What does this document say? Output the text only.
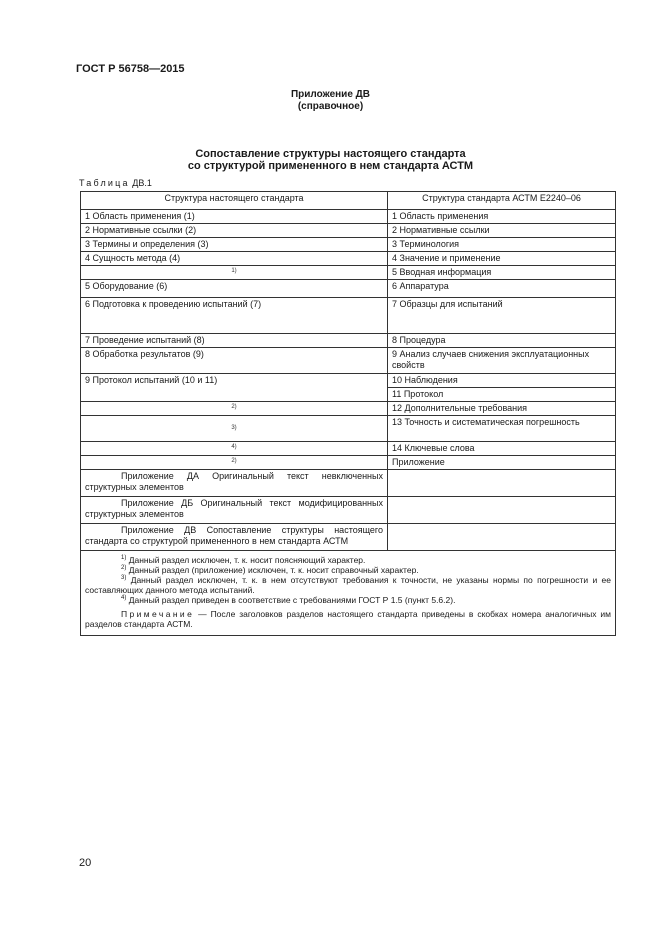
ГОСТ Р 56758—2015
Приложение ДВ
(справочное)
Сопоставление структуры настоящего стандарта
со структурой примененного в нем стандарта АСТМ
Таблица ДВ.1
Структура настоящего стандарта	Структура стандарта АСТМ Е2240–06
1 Область применения (1)	1 Область применения
2 Нормативные ссылки (2)	2 Нормативные ссылки
3 Термины и определения (3)	3 Терминология
4 Сущность метода (4)	4 Значение и применение
1)	5 Вводная информация
5 Оборудование (6)	6 Аппаратура
6 Подготовка к проведению испытаний (7)	7 Образцы для испытаний
7 Проведение испытаний (8)	8 Процедура
8 Обработка результатов (9)	9 Анализ случаев снижения эксплуатационных свойств
9 Протокол испытаний (10 и 11)	10 Наблюдения
	11 Протокол
2)	12 Дополнительные требования
3)	13 Точность и систематическая погрешность
4)	14 Ключевые слова
2)	Приложение
Приложение ДА Оригинальный текст невключенных структурных элементов	
Приложение ДБ Оригинальный текст модифицированных структурных элементов	
Приложение ДВ Сопоставление структуры настоящего стандарта со структурой примененного в нем стандарта АСТМ	

$^{1)}$ Данный раздел исключен, т. к. носит поясняющий характер.

$^{2)}$ Данный раздел (приложение) исключен, т. к. носит справочный характер.

$^{3)}$ Данный раздел исключен, т. к. в нем отсутствуют требования к точности, не указаны нормы по погрешности и ее составляющих данного метода испытаний.

$^{4)}$ Данный раздел приведен в соответствие с требованиями ГОСТ Р 1.5 (пункт 5.6.2).

Примечание — После заголовков разделов настоящего стандарта приведены в скобках номера аналогичных им разделов стандарта АСТМ.	

20
